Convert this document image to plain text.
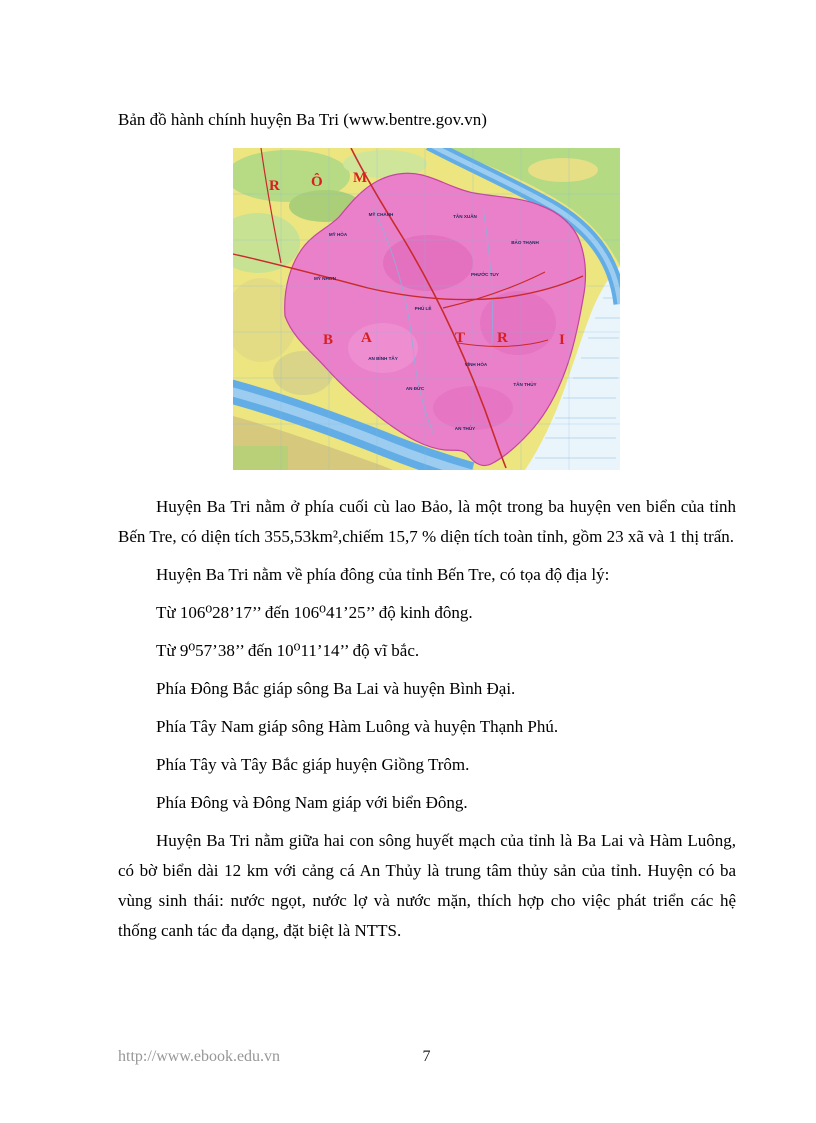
Bản đồ hành chính huyện Ba Tri (www.bentre.gov.vn)

R Ô M
B A	T R	I
MỸ HÒA
MỸ CHÁNH	TÂN XUÂN
BẢO THẠNH
MỸ NHƠN
PHƯỚC TUY
PHÚ LỄ
AN BÌNH TÂY
VĨNH HÒA
TÂN THỦY
AN THỦY
AN ĐỨC

Huyện Ba Tri nằm ở phía cuối cù lao Bảo, là một trong ba huyện ven biển của tỉnh Bến Tre, có diện tích 355,53km²,chiếm 15,7 % diện tích toàn tỉnh, gồm 23 xã và 1 thị trấn.

Huyện Ba Tri nằm về phía đông của tỉnh Bến Tre, có tọa độ địa lý:

Từ 106⁰28’17’’ đến 106⁰41’25’’ độ kinh đông.

Từ 9⁰57’38’’ đến 10⁰11’14’’ độ vĩ bắc.

Phía Đông Bắc giáp sông Ba Lai và huyện Bình Đại.

Phía Tây Nam giáp sông Hàm Luông và huyện Thạnh Phú.

Phía Tây và Tây Bắc giáp huyện Giồng Trôm.

Phía Đông và Đông Nam giáp với biển Đông.

Huyện Ba Tri nằm giữa hai con sông huyết mạch của tỉnh là Ba Lai và Hàm Luông, có bờ biển dài 12 km với cảng cá An Thủy là trung tâm thủy sản của tỉnh. Huyện có ba vùng sinh thái: nước ngọt, nước lợ và nước mặn, thích hợp cho việc phát triển các hệ thống canh tác đa dạng, đặt biệt là NTTS.

http://www.ebook.edu.vn	7
